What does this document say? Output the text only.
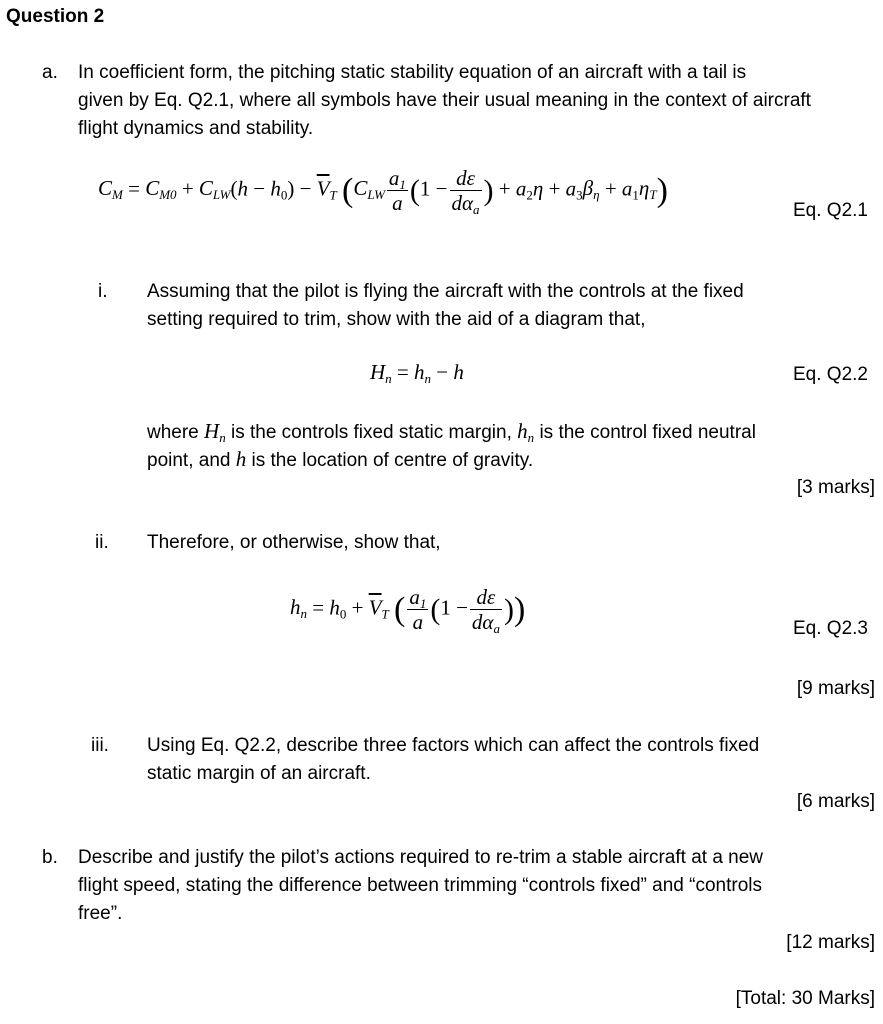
Question 2
a. In coefficient form, the pitching static stability equation of an aircraft with a tail is
given by Eq. Q2.1, where all symbols have their usual meaning in the context of aircraft
flight dynamics and stability.
$C_M = C_{M0} + C_{LW}(h - h_0) - \overline{V}_T$ ($C_{LW} \frac{a_1}{a} (1 - \frac{d\varepsilon}{d\alpha_a}$ ) + $a_2\eta + a_3\beta_\eta + a_1\eta_T$)
Eq. Q2.1
i. Assuming that the pilot is flying the aircraft with the controls at the fixed
setting required to trim, show with the aid of a diagram that,
$H_n = h_n - h$	Eq. Q2.2
where $H_n$ is the controls fixed static margin, $h_n$ is the control fixed neutral
point, and h is the location of centre of gravity.
[3 marks]
ii. Therefore, or otherwise, show that,
$h_n = h_0 + \overline{V}_T$ ( $\frac{a_1}{a} (1 - \frac{d\varepsilon}{d\alpha_a}$ ))
Eq. Q2.3
[9 marks]
iii. Using Eq. Q2.2, describe three factors which can affect the controls fixed
static margin of an aircraft.
[6 marks]
b. Describe and justify the pilot’s actions required to re-trim a stable aircraft at a new
flight speed, stating the difference between trimming “controls fixed” and “controls
free”.
[12 marks]
[Total: 30 Marks]
